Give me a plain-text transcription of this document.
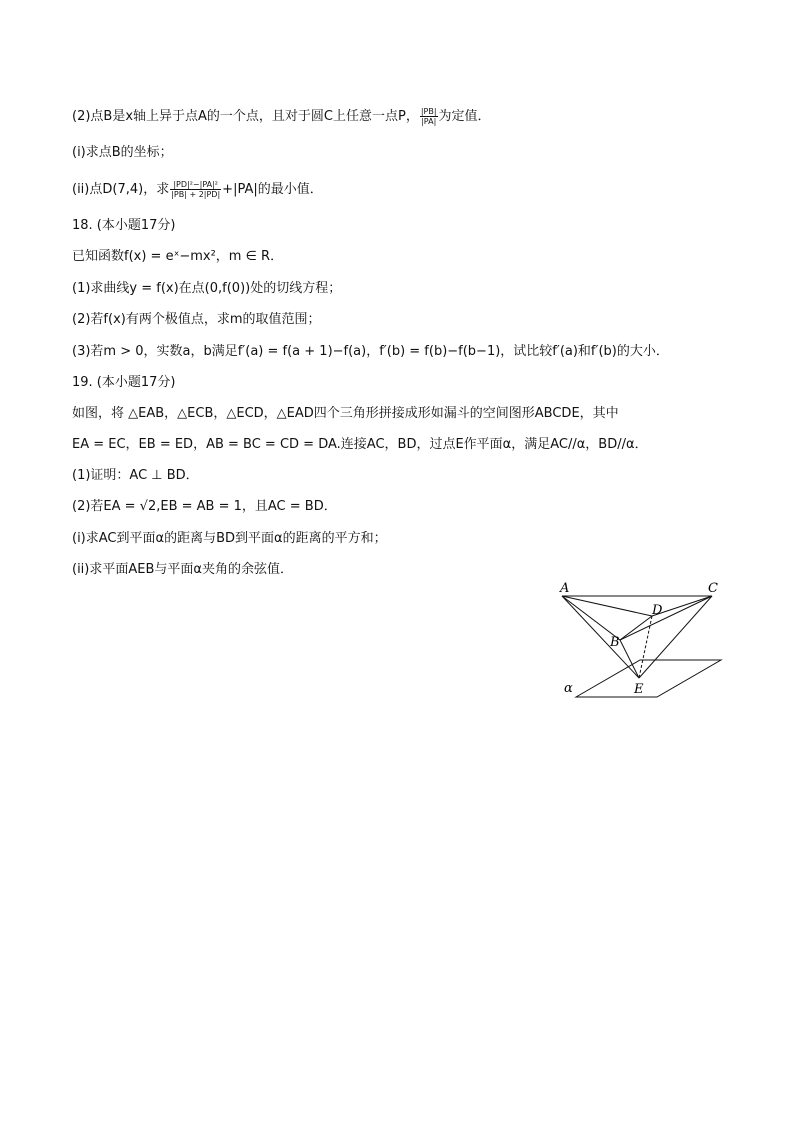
(2)点B是x轴上异于点A的一个点，且对于圆C上任意一点P， $\frac{|PB|}{|PA|}$ 为定值．
(i)求点B的坐标；
(ii)点D(7,4)，求 $\frac{\text{|PD|²−|PA|²}}{|PB| + 2|PD|} +|PA|$的最小值．
18. (本小题17分)
已知函数f(x) = eˣ−mx²，m ∈ R．
(1)求曲线y = f(x)在点(0,f(0))处的切线方程；
(2)若f(x)有两个极值点，求m的取值范围；
(3)若m > 0，实数a，b满足f′(a) = f(a + 1)−f(a)，f′(b) = f(b)−f(b−1)，试比较f′(a)和f′(b)的大小．
19. (本小题17分)
如图，将 △EAB，△ECB，△ECD，△EAD四个三角形拼接成形如漏斗的空间图形ABCDE，其中
EA = EC，EB = ED，AB = BC = CD = DA.连接AC，BD，过点E作平面α，满足AC//α，BD//α．
(1)证明：AC ⊥ BD．
(2)若EA = √2,EB = AB = 1，且AC = BD．
(i)求AC到平面α的距离与BD到平面α的距离的平方和；
(ii)求平面AEB与平面α夹角的余弦值．
A	C
D
B
E
α
